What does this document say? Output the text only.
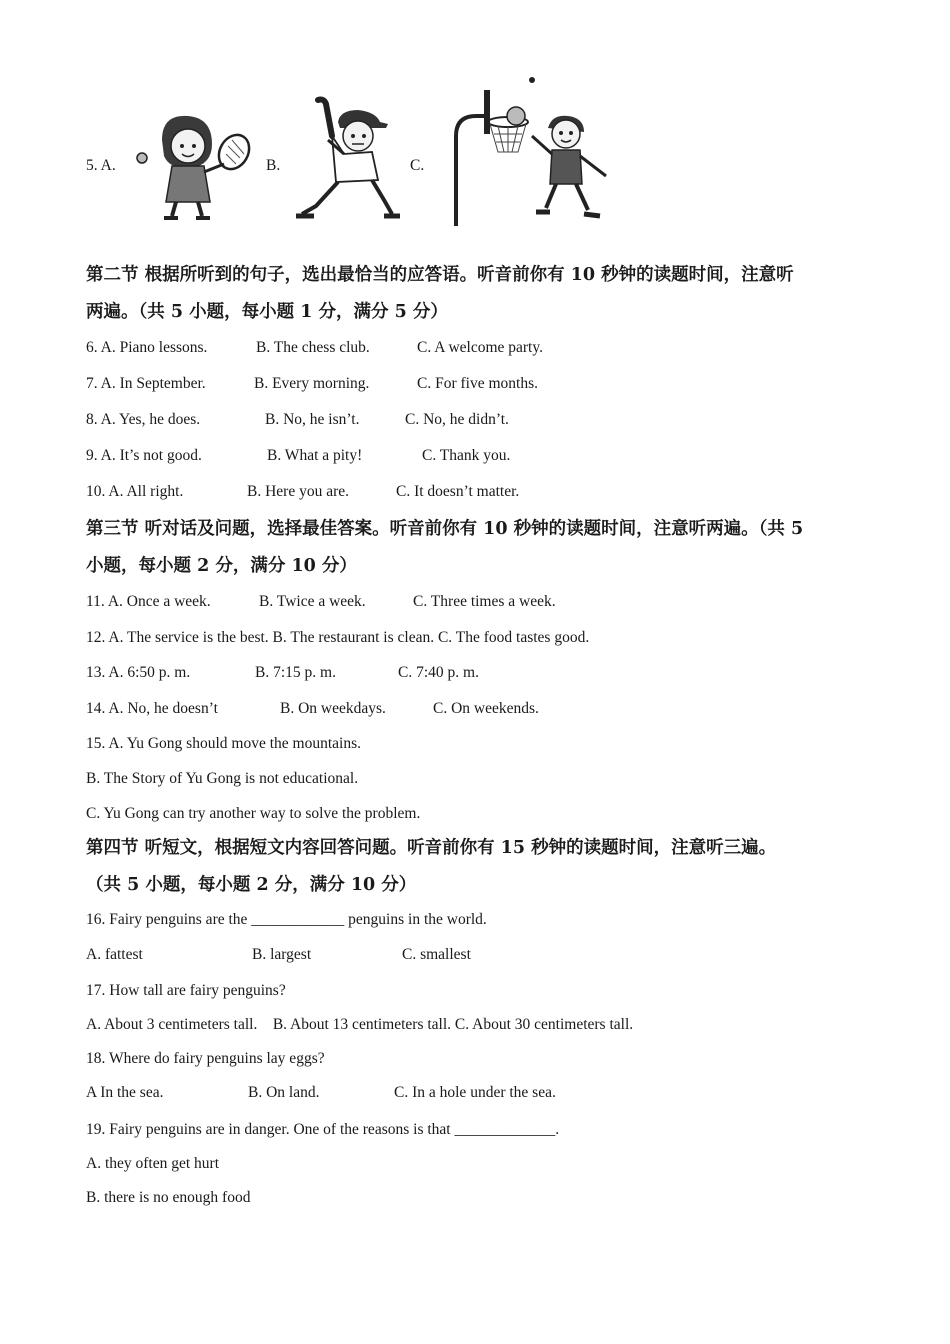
5. A.	B.	C.
第二节 根据所听到的句子，选出最恰当的应答语。听音前你有 10 秒钟的读题时间，注意听
两遍。（共 5 小题，每小题 1 分，满分 5 分）
6. A. Piano lessons.	B. The chess club.	C. A welcome party.
7. A. In September.	B. Every morning.	C. For five months.
8. A. Yes, he does.	B. No, he isn’t.	C. No, he didn’t.
9. A. It’s not good.	B. What a pity!	C. Thank you.
10. A. All right.	B. Here you are.	C. It doesn’t matter.
第三节 听对话及问题，选择最佳答案。听音前你有 10 秒钟的读题时间，注意听两遍。（共 5
小题，每小题 2 分，满分 10 分）
11. A. Once a week.	B. Twice a week.	C. Three times a week.
12. A. The service is the best. B. The restaurant is clean. C. The food tastes good.
13. A. 6:50 p. m.	B. 7:15 p. m.	C. 7:40 p. m.
14. A. No, he doesn’t	B. On weekdays.	C. On weekends.
15. A. Yu Gong should move the mountains.
B. The Story of Yu Gong is not educational.
C. Yu Gong can try another way to solve the problem.
第四节 听短文，根据短文内容回答问题。听音前你有 15 秒钟的读题时间，注意听三遍。
（共 5 小题，每小题 2 分，满分 10 分）
16. Fairy penguins are the ____________ penguins in the world.
A. fattest	B. largest	C. smallest
17. How tall are fairy penguins?
A. About 3 centimeters tall.    B. About 13 centimeters tall. C. About 30 centimeters tall.
18. Where do fairy penguins lay eggs?
A In the sea.	B. On land.	C. In a hole under the sea.
19. Fairy penguins are in danger. One of the reasons is that _____________.
A. they often get hurt
B. there is no enough food
